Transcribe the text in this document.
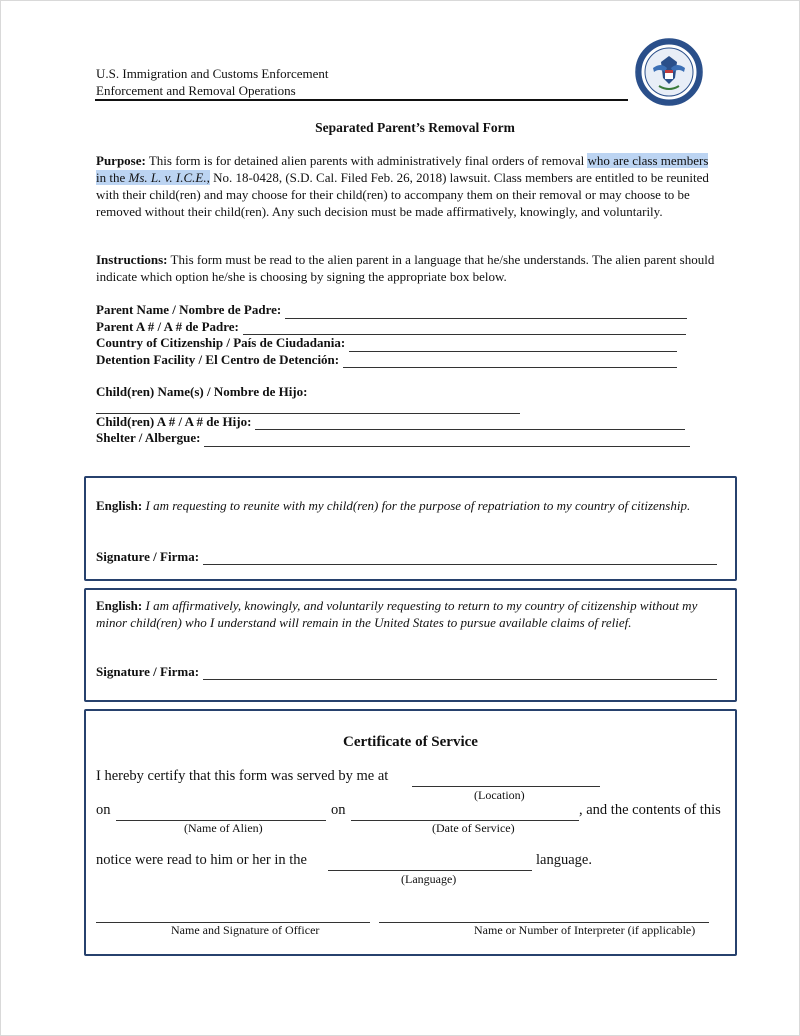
U.S. Immigration and Customs Enforcement
Enforcement and Removal Operations
Separated Parent’s Removal Form
Purpose: This form is for detained alien parents with administratively final orders of removal who are class members in the Ms. L. v. I.C.E., No. 18-0428, (S.D. Cal. Filed Feb. 26, 2018) lawsuit. Class members are entitled to be reunited with their child(ren) and may choose for their child(ren) to accompany them on their removal or may choose to be removed without their child(ren). Any such decision must be made affirmatively, knowingly, and voluntarily.
Instructions: This form must be read to the alien parent in a language that he/she understands. The alien parent should indicate which option he/she is choosing by signing the appropriate box below.
Parent Name / Nombre de Padre:
Parent A # / A # de Padre:
Country of Citizenship / País de Ciudadania:
Detention Facility / El Centro de Detención:
Child(ren) Name(s) / Nombre de Hijo:
Child(ren) A # / A # de Hijo:
Shelter / Albergue:
English: I am requesting to reunite with my child(ren) for the purpose of repatriation to my country of citizenship.
Signature / Firma:
English: I am affirmatively, knowingly, and voluntarily requesting to return to my country of citizenship without my minor child(ren) who I understand will remain in the United States to pursue available claims of relief.
Signature / Firma:
Certificate of Service
I hereby certify that this form was served by me at
(Location)
on	on	, and the contents of this
(Name of Alien)	(Date of Service)
notice were read to him or her in the	language.
(Language)
Name and Signature of Officer	Name or Number of Interpreter (if applicable)
